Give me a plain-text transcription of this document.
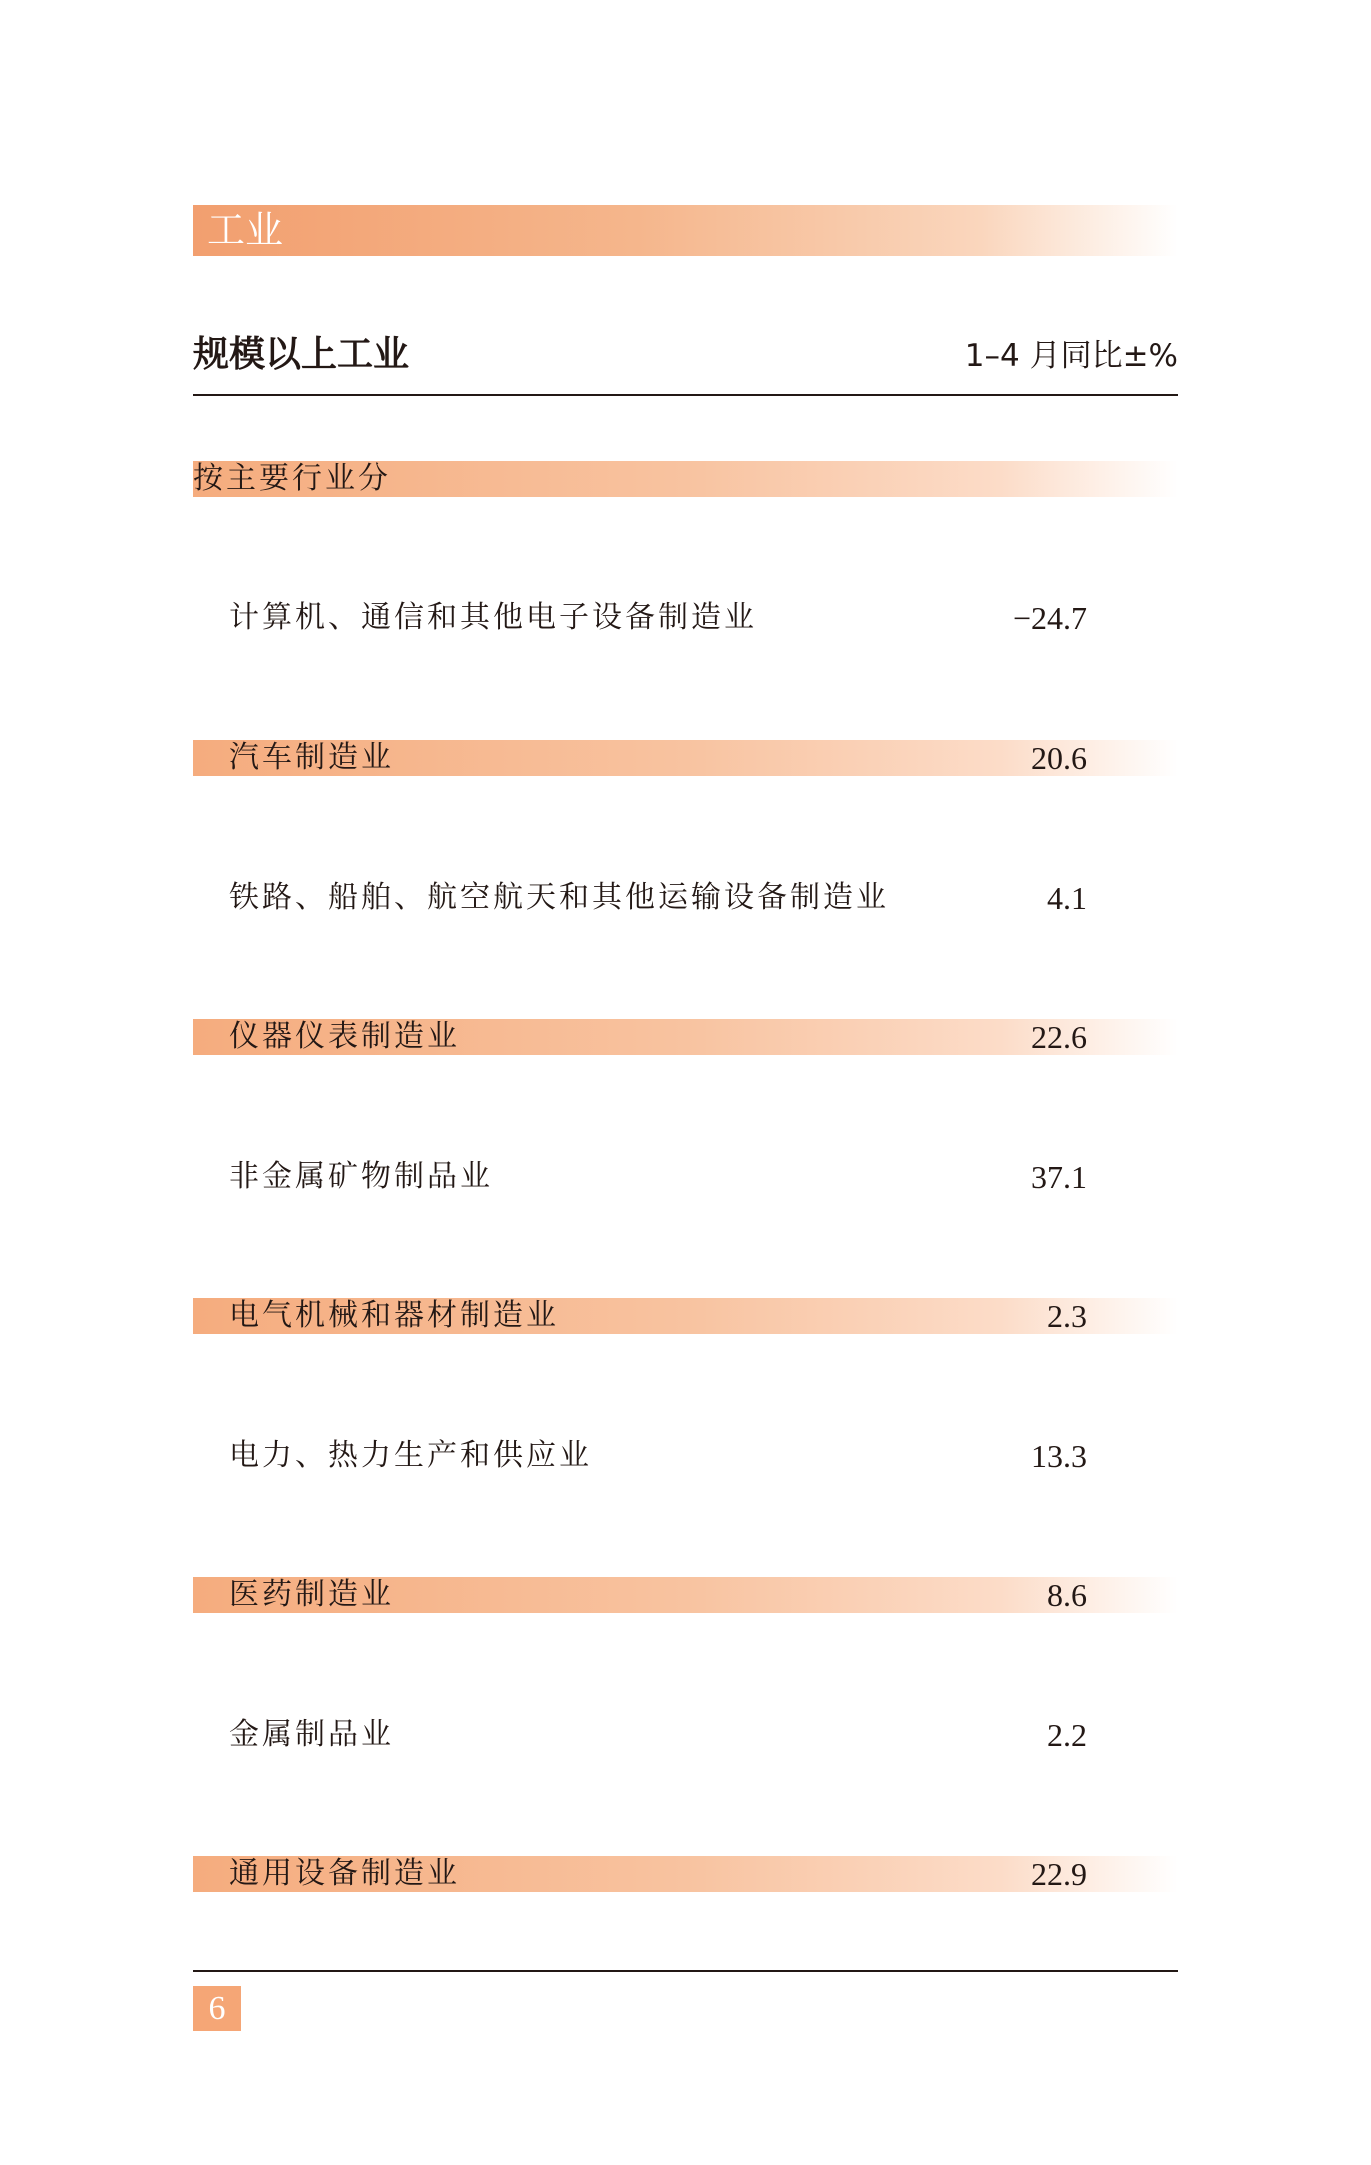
工业
规模以上工业	1–4 月同比±%
按主要行业分
计算机、通信和其他电子设备制造业	−24.7
汽车制造业	20.6
铁路、船舶、航空航天和其他运输设备制造业	4.1
仪器仪表制造业	22.6
非金属矿物制品业	37.1
电气机械和器材制造业	2.3
电力、热力生产和供应业	13.3
医药制造业	8.6
金属制品业	2.2
通用设备制造业	22.9
6
